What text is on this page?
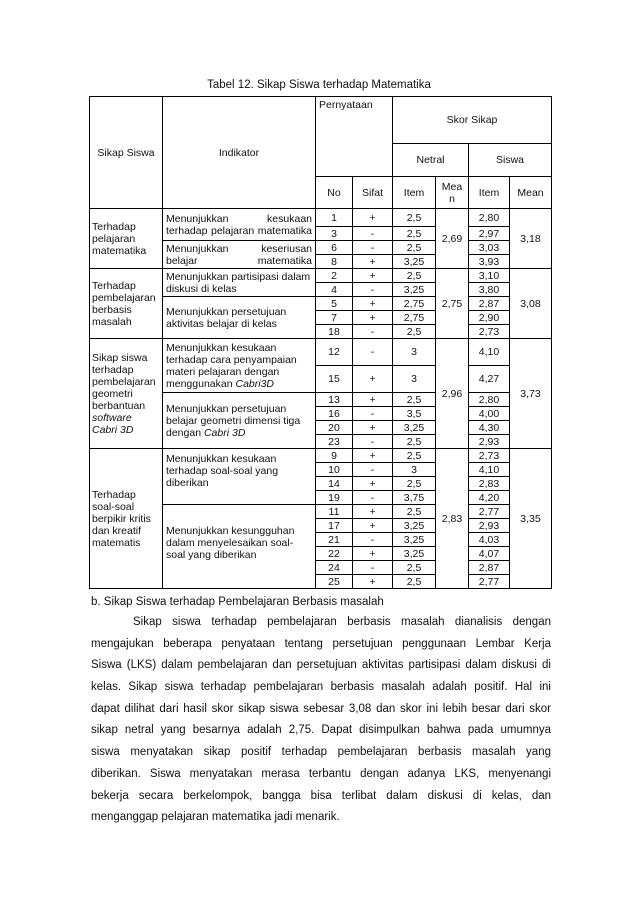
Tabel 12. Sikap Siswa terhadap Matematika
Sikap Siswa	Indikator	Pernyataan		Skor Sikap			
				Netral		Siswa	
		No	Sifat	Item	Mean	Item	Mean
Terhadap pelajaran matematika	Menunjukkan kesukaan terhadap pelajaran matematika	1	+	2,5	2,69	2,80	3,18
		3	-	2,5		2,97	
	Menunjukkan keseriusan belajar matematika	6	-	2,5		3,03	
		8	+	3,25		3,93	
Terhadap pembelajaran berbasis masalah	Menunjukkan partisipasi dalam diskusi di kelas	2	+	2,5	2,75	3,10	3,08
		4	-	3,25		3,80	
	Menunjukkan persetujuan aktivitas belajar di kelas	5	+	2,75		2,87	
		7	+	2,75		2,90	
		18	-	2,5		2,73	
Sikap siswa terhadap pembelajaran geometri berbantuan software Cabri 3D	Menunjukkan kesukaan terhadap cara penyampaian materi pelajaran dengan menggunakan Cabri3D	12	-	3	2,96	4,10	3,73
		15	+	3		4,27	
	Menunjukkan persetujuan belajar geometri dimensi tiga dengan Cabri 3D	13	+	2,5		2,80	
		16	-	3,5		4,00	
		20	+	3,25		4,30	
		23	-	2,5		2,93	
Terhadap soal-soal berpikir kritis dan kreatif matematis	Menunjukkan kesukaan terhadap soal-soal yang diberikan	9	+	2,5	2,83	2,73	3,35
		10	-	3		4,10	
		14	+	2,5		2,83	
		19	-	3,75		4,20	
	Menunjukkan kesungguhan dalam menyelesaikan soal-soal yang diberikan	11	+	2,5		2,77	
		17	+	3,25		2,93	
		21	-	3,25		4,03	
		22	+	3,25		4,07	
		24	-	2,5		2,87	
		25	+	2,5		2,77	
b. Sikap Siswa terhadap Pembelajaran Berbasis masalah
Sikap siswa terhadap pembelajaran berbasis masalah dianalisis dengan
mengajukan beberapa penyataan tentang persetujuan penggunaan Lembar Kerja
Siswa (LKS) dalam pembelajaran dan persetujuan aktivitas partisipasi dalam diskusi di
kelas. Sikap siswa terhadap pembelajaran berbasis masalah adalah positif. Hal ini
dapat dilihat dari hasil skor sikap siswa sebesar 3,08 dan skor ini lebih besar dari skor
sikap netral yang besarnya adalah 2,75. Dapat disimpulkan bahwa pada umumnya
siswa menyatakan sikap positif terhadap pembelajaran berbasis masalah yang
diberikan. Siswa menyatakan merasa terbantu dengan adanya LKS, menyenangi
bekerja secara berkelompok, bangga bisa terlibat dalam diskusi di kelas, dan
menganggap pelajaran matematika jadi menarik.
